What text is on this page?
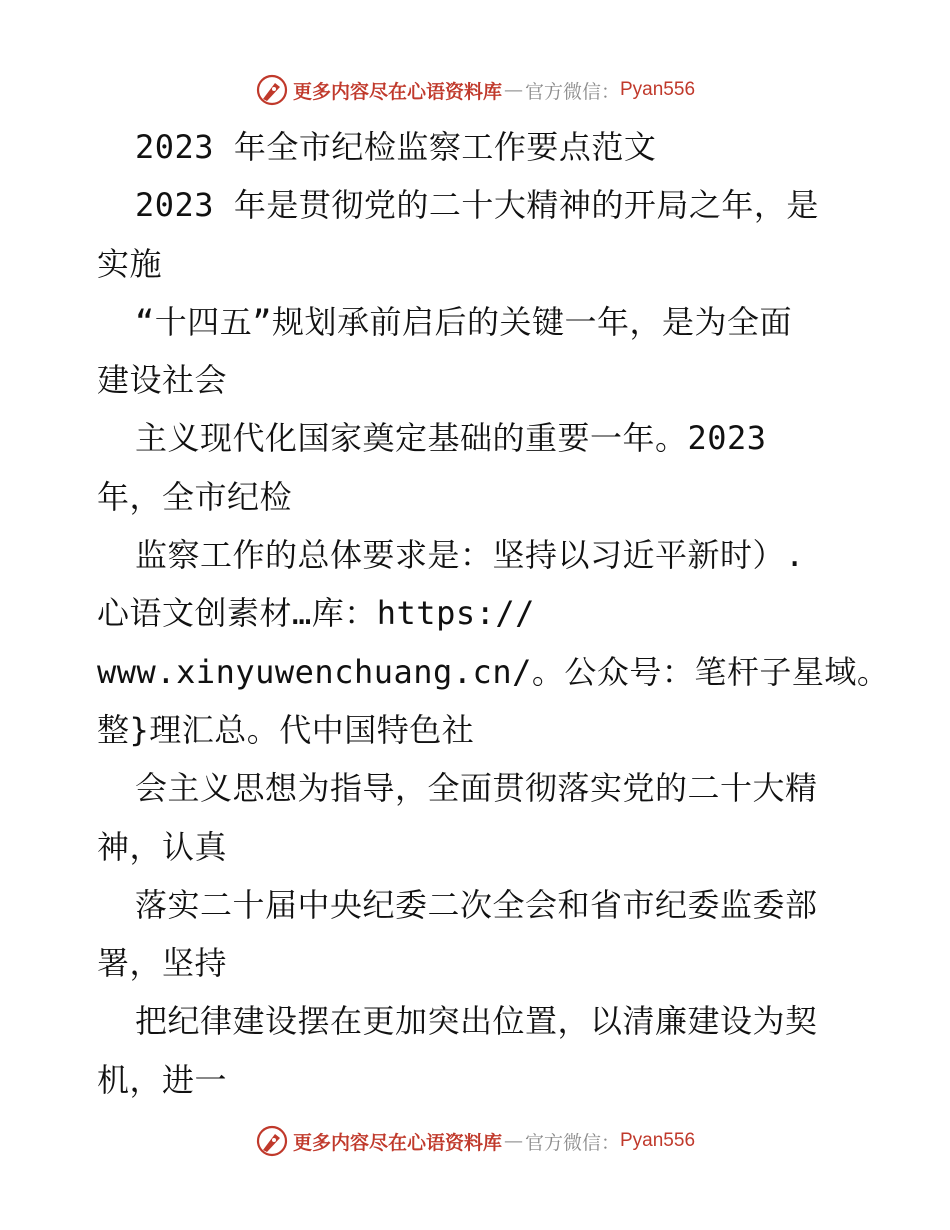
更多内容尽在心语资料库 — 官方微信： Pyan556
2023 年全市纪检监察工作要点范文
2023 年是贯彻党的二十大精神的开局之年，是
实施
“十四五”规划承前启后的关键一年，是为全面
建设社会
主义现代化国家奠定基础的重要一年。2023
年，全市纪检
监察工作的总体要求是：坚持以习近平新时）.
心语文创素材…库：https://
www.xinyuwenchuang.cn/。公众号：笔杆子星域。
整}理汇总。代中国特色社
会主义思想为指导，全面贯彻落实党的二十大精
神，认真
落实二十届中央纪委二次全会和省市纪委监委部
署，坚持
把纪律建设摆在更加突出位置，以清廉建设为契
机，进一
更多内容尽在心语资料库 — 官方微信： Pyan556
